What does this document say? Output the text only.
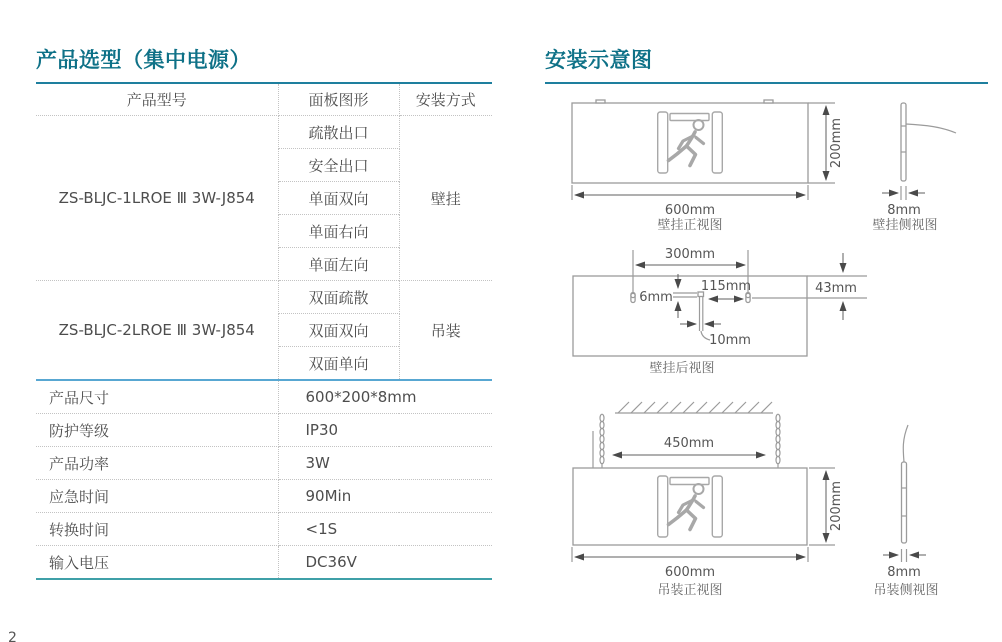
产品选型（集中电源）
产品型号	面板图形	安装方式
ZS-BLJC-1LROE Ⅲ 3W-J854	疏散出口	壁挂
	安全出口	
	单面双向	
	单面右向	
	单面左向	
ZS-BLJC-2LROE Ⅲ 3W-J854	双面疏散	吊装
	双面双向	
	双面单向	
产品尺寸	600*200*8mm	
防护等级	IP30	
产品功率	3W	
应急时间	90Min	
转换时间	<1S	
输入电压	DC36V	
安装示意图
200mm
600mm
壁挂正视图
8mm
壁挂侧视图
300mm
6mm
115mm
10mm
43mm
壁挂后视图
450mm
200mm
600mm
吊装正视图
8mm
吊装侧视图
2
